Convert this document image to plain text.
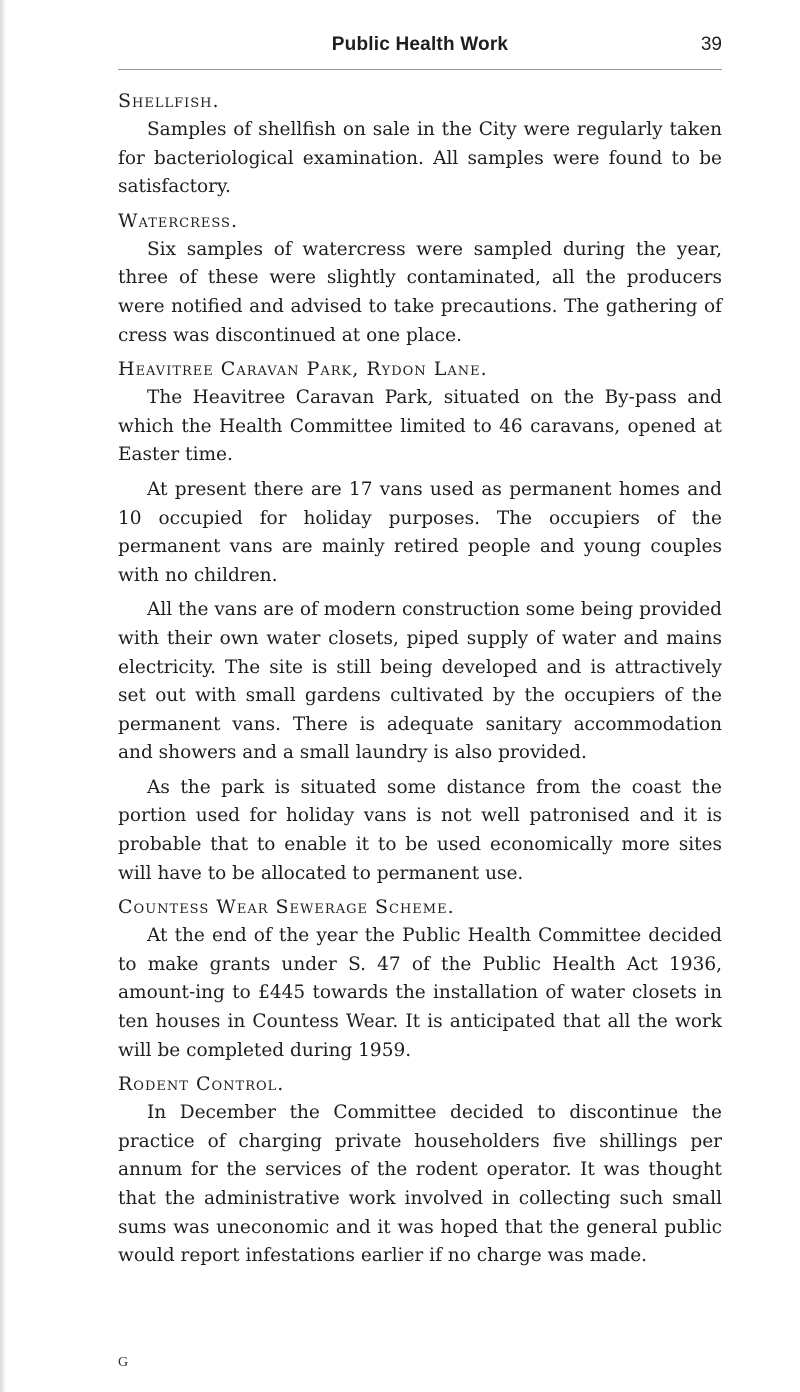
Public Health Work	39
Shellfish.

Samples of shellfish on sale in the City were regularly taken for bacteriological examination. All samples were found to be satisfactory.

Watercress.

Six samples of watercress were sampled during the year, three of these were slightly contaminated, all the producers were notified and advised to take precautions. The gathering of cress was discontinued at one place.

Heavitree Caravan Park, Rydon Lane.

The Heavitree Caravan Park, situated on the By-pass and which the Health Committee limited to 46 caravans, opened at Easter time.

At present there are 17 vans used as permanent homes and 10 occupied for holiday purposes. The occupiers of the permanent vans are mainly retired people and young couples with no children.

All the vans are of modern construction some being provided with their own water closets, piped supply of water and mains electricity. The site is still being developed and is attractively set out with small gardens cultivated by the occupiers of the permanent vans. There is adequate sanitary accommodation and showers and a small laundry is also provided.

As the park is situated some distance from the coast the portion used for holiday vans is not well patronised and it is probable that to enable it to be used economically more sites will have to be allocated to permanent use.

Countess Wear Sewerage Scheme.

At the end of the year the Public Health Committee decided to make grants under S. 47 of the Public Health Act 1936, amount-ing to £445 towards the installation of water closets in ten houses in Countess Wear. It is anticipated that all the work will be completed during 1959.

Rodent Control.

In December the Committee decided to discontinue the practice of charging private householders five shillings per annum for the services of the rodent operator. It was thought that the administrative work involved in collecting such small sums was uneconomic and it was hoped that the general public would report infestations earlier if no charge was made.

G
